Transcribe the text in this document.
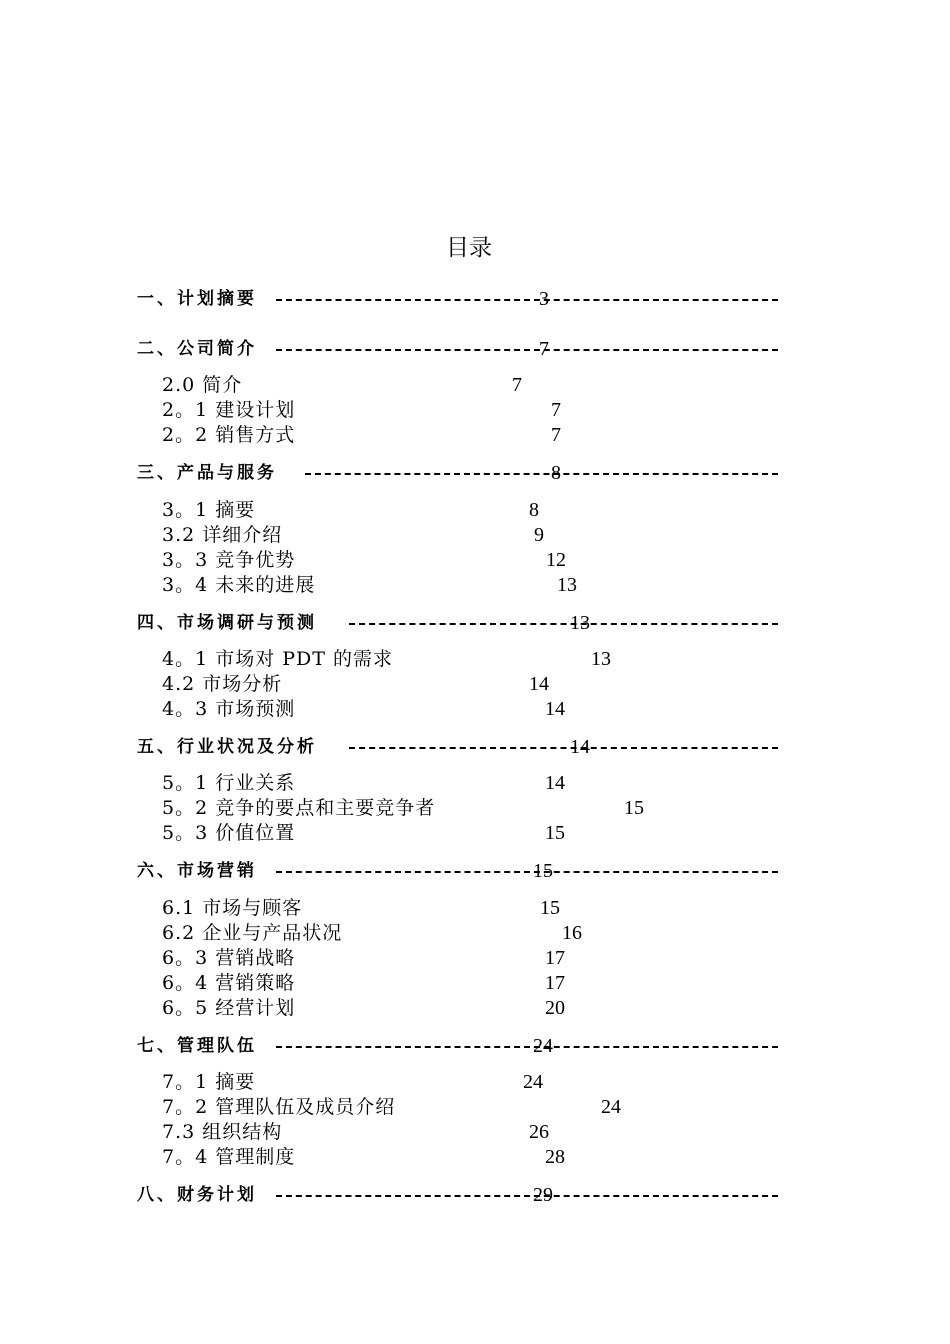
目录
一、计划摘要	3
二、公司简介	7
2.0 简介	7
2。1 建设计划	7
2。2 销售方式	7
三、产品与服务	8
3。1 摘要	8
3.2 详细介绍	9
3。3 竞争优势	12
3。4 未来的进展	13
四、市场调研与预测	13
4。1 市场对 PDT 的需求	13
4.2 市场分析	14
4。3 市场预测	14
五、行业状况及分析	14
5。1 行业关系	14
5。2 竞争的要点和主要竞争者	15
5。3 价值位置	15
六、市场营销	15
6.1 市场与顾客	15
6.2 企业与产品状况	16
6。3 营销战略	17
6。4 营销策略	17
6。5 经营计划	20
七、管理队伍	24
7。1 摘要	24
7。2 管理队伍及成员介绍	24
7.3 组织结构	26
7。4 管理制度	28
八、财务计划	29
